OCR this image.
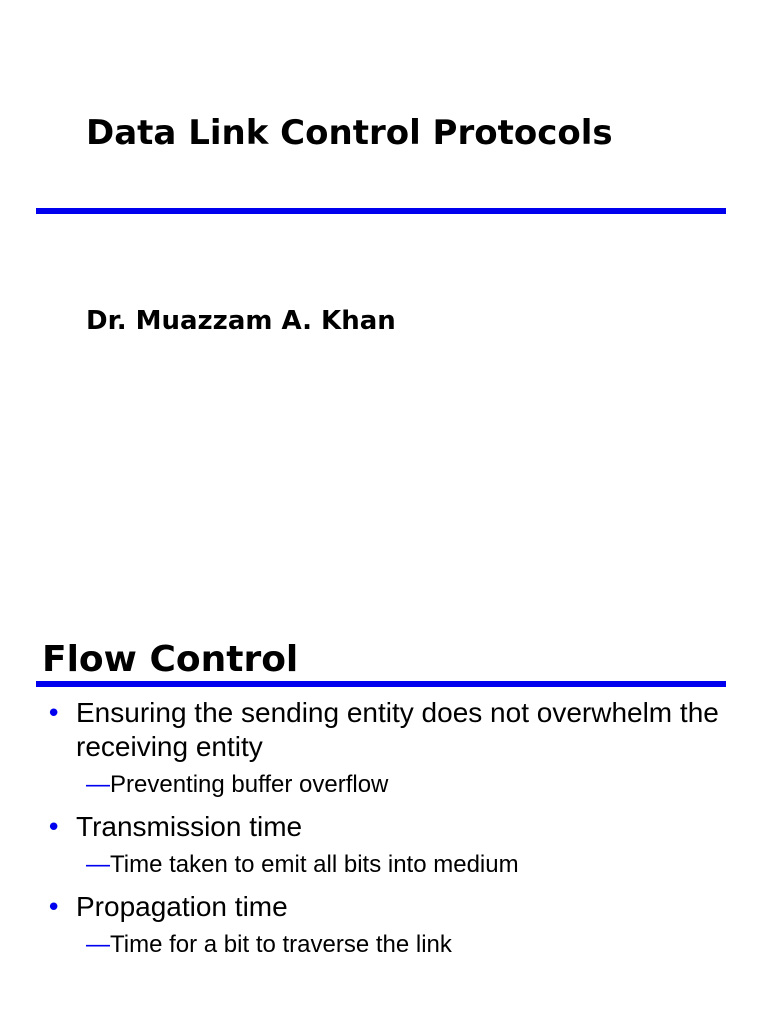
Data Link Control Protocols
Dr. Muazzam A. Khan
Flow Control
• Ensuring the sending entity does not overwhelm the receiving entity
—Preventing buffer overflow
• Transmission time
—Time taken to emit all bits into medium
• Propagation time
—Time for a bit to traverse the link
